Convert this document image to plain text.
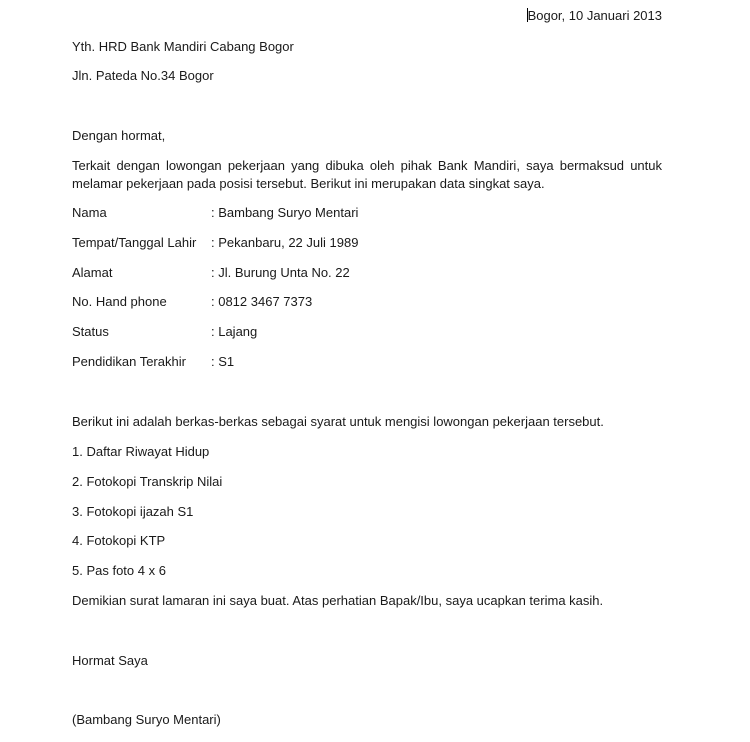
Bogor, 10 Januari 2013
Yth. HRD Bank Mandiri Cabang Bogor
Jln. Pateda No.34 Bogor
Dengan hormat,
Terkait dengan lowongan pekerjaan yang dibuka oleh pihak Bank Mandiri, saya bermaksud untuk
melamar pekerjaan pada posisi tersebut. Berikut ini merupakan data singkat saya.
Nama	: Bambang Suryo Mentari
Tempat/Tanggal Lahir : Pekanbaru, 22 Juli 1989
Alamat	: Jl. Burung Unta No. 22
No. Hand phone	: 0812 3467 7373
Status	: Lajang
Pendidikan Terakhir : S1
Berikut ini adalah berkas-berkas sebagai syarat untuk mengisi lowongan pekerjaan tersebut.
1. Daftar Riwayat Hidup
2. Fotokopi Transkrip Nilai
3. Fotokopi ijazah S1
4. Fotokopi KTP
5. Pas foto 4 x 6
Demikian surat lamaran ini saya buat. Atas perhatian Bapak/Ibu, saya ucapkan terima kasih.
Hormat Saya
(Bambang Suryo Mentari)
